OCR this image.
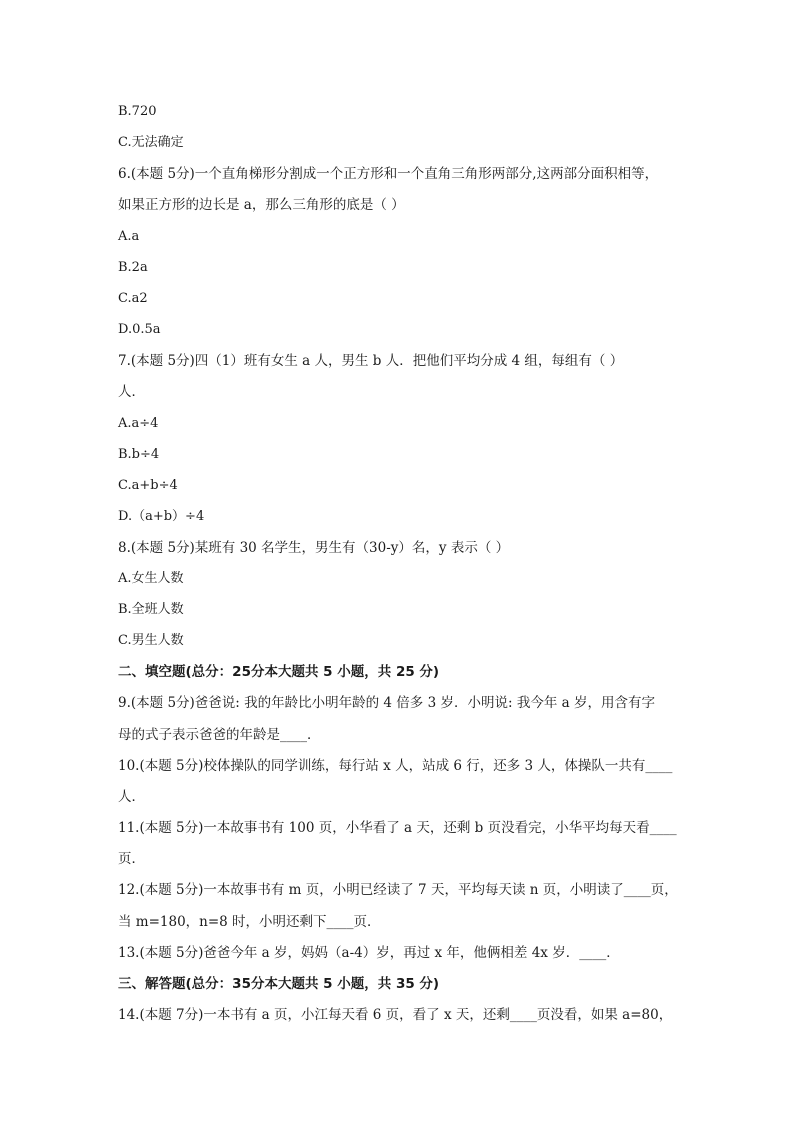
B.720
C.无法确定
6.(本题 5分)一个直角梯形分割成一个正方形和一个直角三角形两部分,这两部分面积相等，
如果正方形的边长是 a，那么三角形的底是（ ）
A.a
B.2a
C.a2
D.0.5a
7.(本题 5分)四（1）班有女生 a 人，男生 b 人．把他们平均分成 4 组，每组有（ ）
人．
A.a÷4
B.b÷4
C.a+b÷4
D.（a+b）÷4
8.(本题 5分)某班有 30 名学生，男生有（30-y）名，y 表示（ ）
A.女生人数
B.全班人数
C.男生人数
二、填空题(总分：25分本大题共 5 小题，共 25 分)
9.(本题 5分)爸爸说: 我的年龄比小明年龄的 4 倍多 3 岁．小明说: 我今年 a 岁，用含有字
母的式子表示爸爸的年龄是____．
10.(本题 5分)校体操队的同学训练，每行站 x 人，站成 6 行，还多 3 人，体操队一共有____
人．
11.(本题 5分)一本故事书有 100 页，小华看了 a 天，还剩 b 页没看完，小华平均每天看____
页．
12.(本题 5分)一本故事书有 m 页，小明已经读了 7 天，平均每天读 n 页，小明读了____页，
当 m=180，n=8 时，小明还剩下____页．
13.(本题 5分)爸爸今年 a 岁，妈妈（a-4）岁，再过 x 年，他俩相差 4x 岁．____．
三、解答题(总分：35分本大题共 5 小题，共 35 分)
14.(本题 7分)一本书有 a 页，小江每天看 6 页，看了 x 天，还剩____页没看，如果 a=80，
